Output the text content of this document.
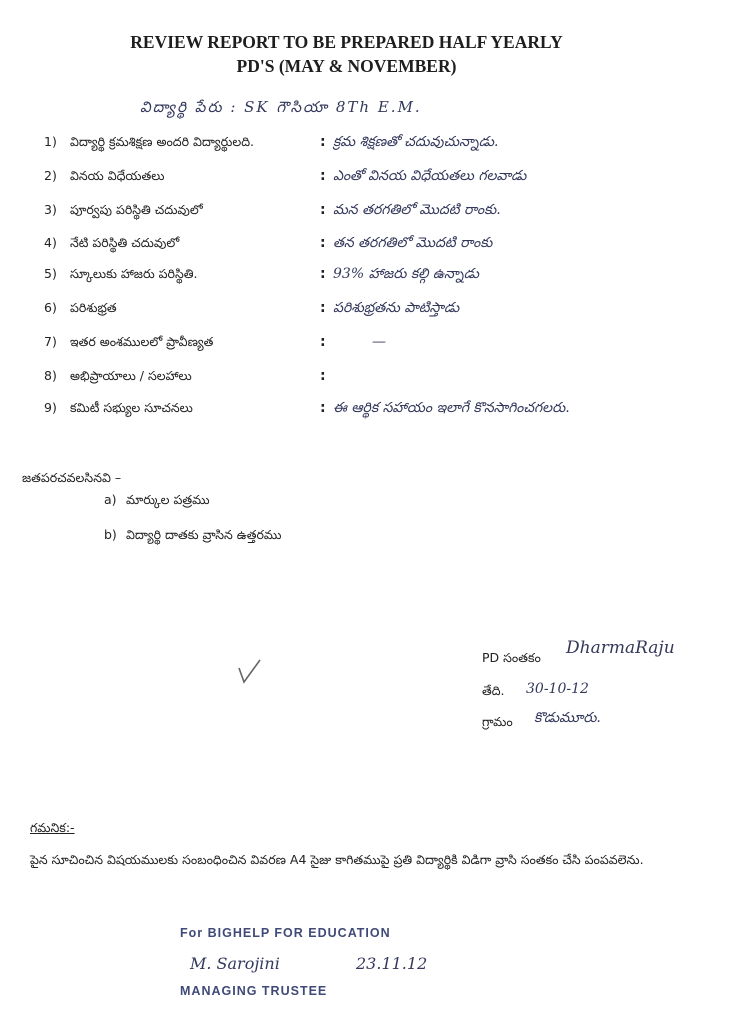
REVIEW REPORT TO BE PREPARED HALF YEARLY
PD'S (MAY & NOVEMBER)
విద్యార్థి పేరు : SK గౌసియా 8Th E.M.
1) విద్యార్థి క్రమశిక్షణ అందరి విద్యార్థులది.	: క్రమ శిక్షణతో చదువుచున్నాడు.
2) వినయ విధేయతలు	: ఎంతో వినయ విధేయతలు గలవాడు
3) పూర్వపు పరిస్థితి చదువులో	: మన తరగతిలో మొదటి రాంకు.
4) నేటి పరిస్థితి చదువులో	: తన తరగతిలో మొదటి రాంకు
5) స్కూలుకు హాజరు పరిస్థితి.	: 93% హాజరు కల్గి ఉన్నాడు
6) పరిశుభ్రత	: పరిశుభ్రతను పాటిస్తాడు
7) ఇతర అంశములలో ప్రావీణ్యత	:	—
8) అభిప్రాయాలు / సలహాలు	:
9) కమిటీ సభ్యుల సూచనలు	: ఈ ఆర్థిక సహాయం ఇలాగే కొనసాగించగలరు.
జతపరచవలసినవి –
a) మార్కుల పత్రము
b) విద్యార్థి దాతకు వ్రాసిన ఉత్తరము
PD సంతకం DharmaRaju
తేది. 30-10-12
గ్రామం కొడుమూరు.
గమనిక:-
పైన సూచించిన విషయములకు సంబంధించిన వివరణ A4 సైజు కాగితముపై ప్రతి విద్యార్థికి విడిగా వ్రాసి సంతకం చేసి పంపవలెను.
For BIGHELP FOR EDUCATION
M. Sarojini	23.11.12
MANAGING TRUSTEE
